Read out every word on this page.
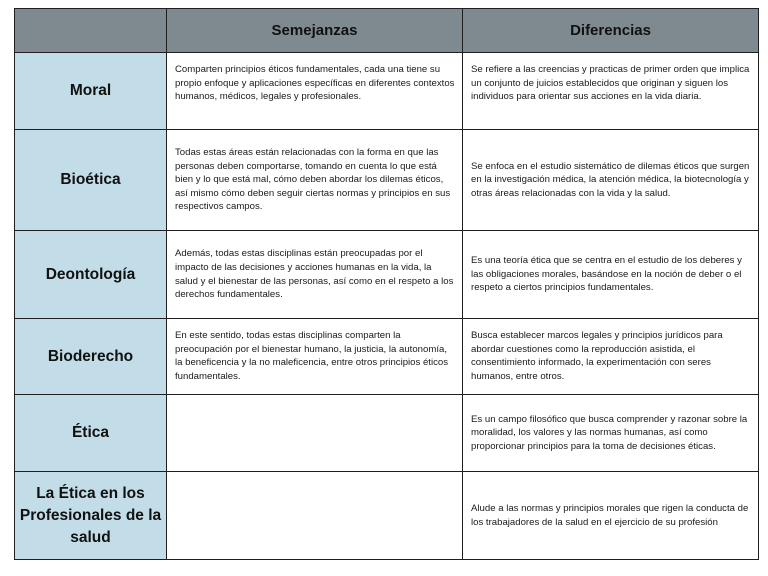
	Semejanzas	Diferencias
Moral	Comparten principios éticos fundamentales, cada una tiene su propio enfoque y aplicaciones específicas en diferentes contextos humanos, médicos, legales y profesionales.	Se refiere a las creencias y practicas de primer orden que implica un conjunto de juicios establecidos que originan y siguen los individuos para orientar sus acciones en la vida diaria.
Bioética	Todas estas áreas están relacionadas con la forma en que las personas deben comportarse, tomando en cuenta lo que está bien y lo que está mal, cómo deben abordar los dilemas éticos, así mismo cómo deben seguir ciertas normas y principios en sus respectivos campos.	Se enfoca en el estudio sistemático de dilemas éticos que surgen en la investigación médica, la atención médica, la biotecnología y otras áreas relacionadas con la vida y la salud.
Deontología	Además, todas estas disciplinas están preocupadas por el impacto de las decisiones y acciones humanas en la vida, la salud y el bienestar de las personas, así como en el respeto a los derechos fundamentales.	Es una teoría ética que se centra en el estudio de los deberes y las obligaciones morales, basándose en la noción de deber o el respeto a ciertos principios fundamentales.
Bioderecho	En este sentido, todas estas disciplinas comparten la preocupación por el bienestar humano, la justicia, la autonomía, la beneficencia y la no maleficencia, entre otros principios éticos fundamentales.	Busca establecer marcos legales y principios jurídicos para abordar cuestiones como la reproducción asistida, el consentimiento informado, la experimentación con seres humanos, entre otros.
Ética		Es un campo filosófico que busca comprender y razonar sobre la moralidad, los valores y las normas humanas, así como proporcionar principios para la toma de decisiones éticas.
La Ética en los Profesionales de la salud		Alude a las normas y principios morales que rigen la conducta de los trabajadores de la salud en el ejercicio de su profesión
